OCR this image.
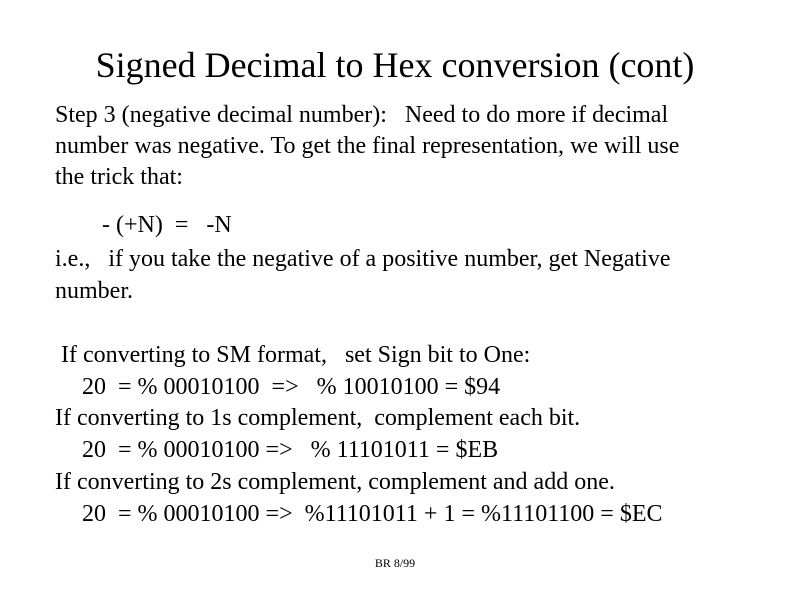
Signed Decimal to Hex conversion (cont)
Step 3 (negative decimal number):   Need to do more if decimal
number was negative. To get the final representation, we will use
the trick that:
- (+N)  =   -N
i.e.,   if you take the negative of a positive number, get Negative
number.
If converting to SM format,   set Sign bit to One:
20  = % 00010100  =>   % 10010100 = $94
If converting to 1s complement,  complement each bit.
20  = % 00010100 =>   % 11101011 = $EB
If converting to 2s complement, complement and add one.
20  = % 00010100 =>  %11101011 + 1 = %11101100 = $EC
BR 8/99
